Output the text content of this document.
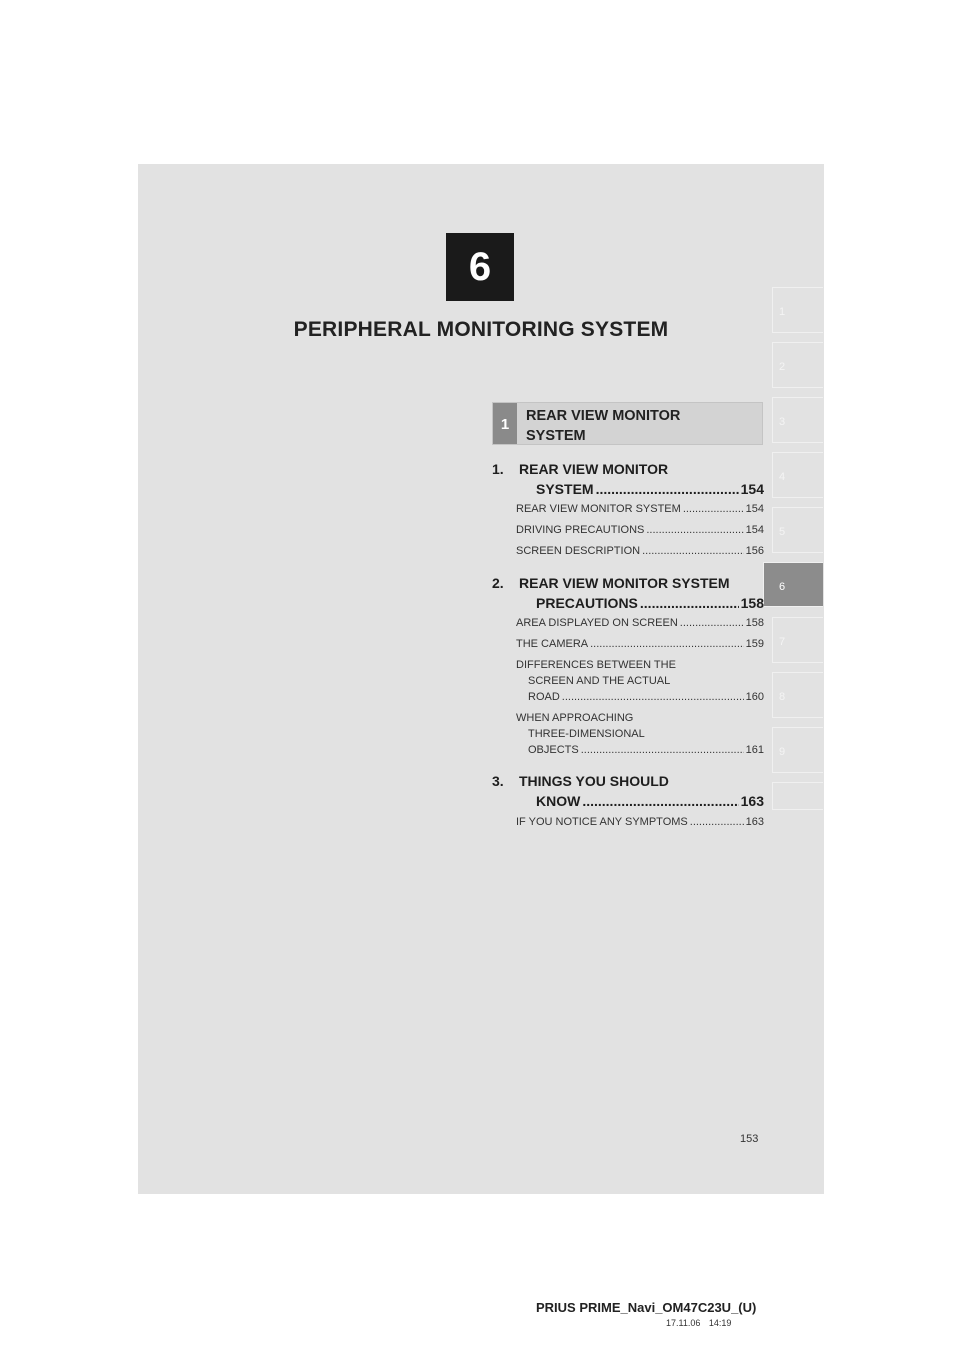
6
PERIPHERAL MONITORING SYSTEM
1
2
3
4
5
6
7
8
9
1	REAR VIEW MONITOR
SYSTEM
1. REAR VIEW MONITOR
SYSTEM .....	154
REAR VIEW MONITOR SYSTEM .....	154
DRIVING PRECAUTIONS .....	154
SCREEN DESCRIPTION .....	156
2. REAR VIEW MONITOR SYSTEM
PRECAUTIONS .....	158
AREA DISPLAYED ON SCREEN .....	158
THE CAMERA .....	159
DIFFERENCES BETWEEN THE
SCREEN AND THE ACTUAL
ROAD .....	160
WHEN APPROACHING
THREE-DIMENSIONAL
OBJECTS .....	161
3. THINGS YOU SHOULD
KNOW .....	163
IF YOU NOTICE ANY SYMPTOMS .....	163
153
PRIUS PRIME_Navi_OM47C23U_(U)
17.11.06 14:19
